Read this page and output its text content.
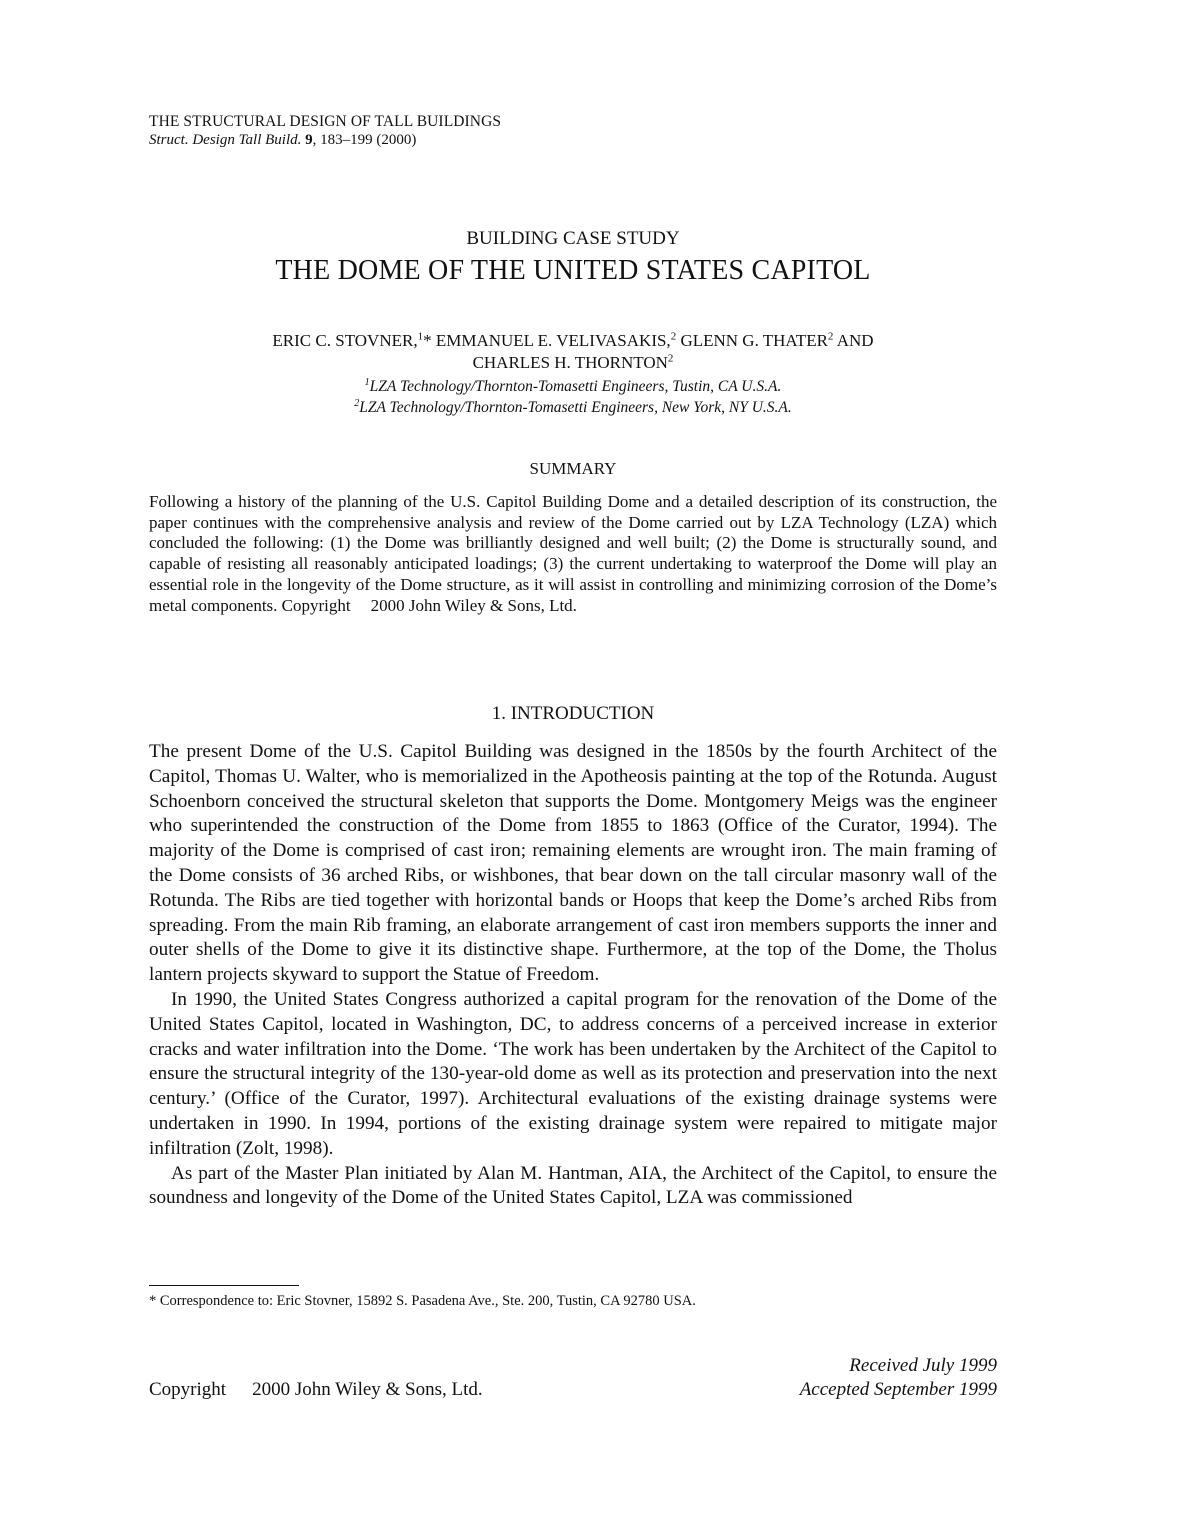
THE STRUCTURAL DESIGN OF TALL BUILDINGS
Struct. Design Tall Build. 9, 183–199 (2000)
BUILDING CASE STUDY
THE DOME OF THE UNITED STATES CAPITOL
ERIC C. STOVNER,$^1$* EMMANUEL E. VELIVASAKIS,$^2$ GLENN G. THATER$^2$ AND
CHARLES H. THORNTON$^2$
$^1$LZA Technology/Thornton-Tomasetti Engineers, Tustin, CA U.S.A.
$^2$LZA Technology/Thornton-Tomasetti Engineers, New York, NY U.S.A.
SUMMARY
Following a history of the planning of the U.S. Capitol Building Dome and a detailed description of its construction, the paper continues with the comprehensive analysis and review of the Dome carried out by LZA Technology (LZA) which concluded the following: (1) the Dome was brilliantly designed and well built; (2) the Dome is structurally sound, and capable of resisting all reasonably anticipated loadings; (3) the current undertaking to waterproof the Dome will play an essential role in the longevity of the Dome structure, as it will assist in controlling and minimizing corrosion of the Dome’s metal components. Copyright 2000 John Wiley & Sons, Ltd.
1. INTRODUCTION

The present Dome of the U.S. Capitol Building was designed in the 1850s by the fourth Architect of the Capitol, Thomas U. Walter, who is memorialized in the Apotheosis painting at the top of the Rotunda. August Schoenborn conceived the structural skeleton that supports the Dome. Montgomery Meigs was the engineer who superintended the construction of the Dome from 1855 to 1863 (Office of the Curator, 1994). The majority of the Dome is comprised of cast iron; remaining elements are wrought iron. The main framing of the Dome consists of 36 arched Ribs, or wishbones, that bear down on the tall circular masonry wall of the Rotunda. The Ribs are tied together with horizontal bands or Hoops that keep the Dome’s arched Ribs from spreading. From the main Rib framing, an elaborate arrangement of cast iron members supports the inner and outer shells of the Dome to give it its distinctive shape. Furthermore, at the top of the Dome, the Tholus lantern projects skyward to support the Statue of Freedom.

In 1990, the United States Congress authorized a capital program for the renovation of the Dome of the United States Capitol, located in Washington, DC, to address concerns of a perceived increase in exterior cracks and water infiltration into the Dome. ‘The work has been undertaken by the Architect of the Capitol to ensure the structural integrity of the 130-year-old dome as well as its protection and preservation into the next century.’ (Office of the Curator, 1997). Architectural evaluations of the existing drainage systems were undertaken in 1990. In 1994, portions of the existing drainage system were repaired to mitigate major infiltration (Zolt, 1998).

As part of the Master Plan initiated by Alan M. Hantman, AIA, the Architect of the Capitol, to ensure the soundness and longevity of the Dome of the United States Capitol, LZA was commissioned

* Correspondence to: Eric Stovner, 15892 S. Pasadena Ave., Ste. 200, Tustin, CA 92780 USA.
Copyright 2000 John Wiley & Sons, Ltd.
Received July 1999
Accepted September 1999
